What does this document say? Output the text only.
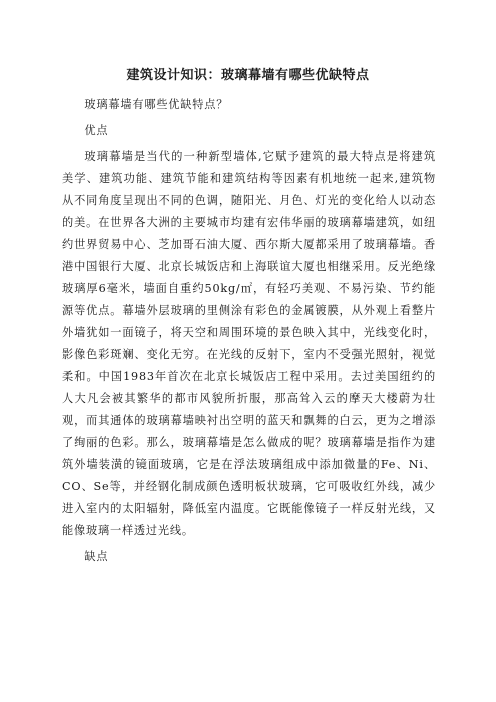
建筑设计知识：玻璃幕墙有哪些优缺特点

玻璃幕墙有哪些优缺特点？

优点

玻璃幕墙是当代的一种新型墙体,它赋予建筑的最大特点是将建筑美学、建筑功能、建筑节能和建筑结构等因素有机地统一起来,建筑物从不同角度呈现出不同的色调，随阳光、月色、灯光的变化给人以动态的美。在世界各大洲的主要城市均建有宏伟华丽的玻璃幕墙建筑，如纽约世界贸易中心、芝加哥石油大厦、西尔斯大厦都采用了玻璃幕墙。香港中国银行大厦、北京长城饭店和上海联谊大厦也相继采用。反光绝缘玻璃厚6毫米，墙面自重约50kg/㎡，有轻巧美观、不易污染、节约能源等优点。幕墙外层玻璃的里侧涂有彩色的金属镀膜，从外观上看整片外墙犹如一面镜子，将天空和周围环境的景色映入其中，光线变化时，影像色彩斑斓、变化无穷。在光线的反射下，室内不受强光照射，视觉柔和。中国1983年首次在北京长城饭店工程中采用。去过美国纽约的人大凡会被其繁华的都市风貌所折服，那高耸入云的摩天大楼蔚为壮观，而其通体的玻璃幕墙映衬出空明的蓝天和飘舞的白云，更为之增添了绚丽的色彩。那么，玻璃幕墙是怎么做成的呢？玻璃幕墙是指作为建筑外墙装潢的镜面玻璃，它是在浮法玻璃组成中添加微量的Fe、Ni、CO、Se等，并经钢化制成颜色透明板状玻璃，它可吸收红外线，减少进入室内的太阳辐射，降低室内温度。它既能像镜子一样反射光线，又能像玻璃一样透过光线。

缺点
